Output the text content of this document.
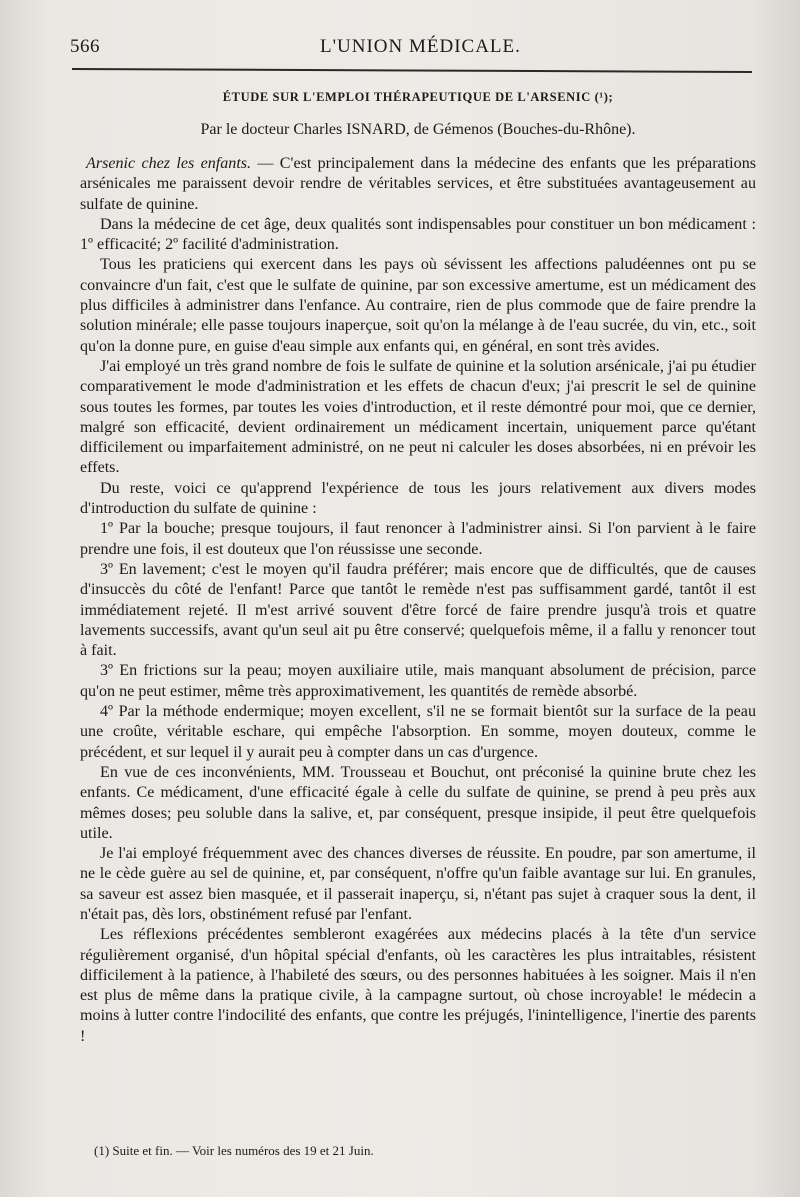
566	L'UNION MÉDICALE.
ÉTUDE SUR L'EMPLOI THÉRAPEUTIQUE DE L'ARSENIC (¹);
Par le docteur Charles ISNARD, de Gémenos (Bouches-du-Rhône).

Arsenic chez les enfants. — C'est principalement dans la médecine des enfants que les préparations arsénicales me paraissent devoir rendre de véritables services, et être substituées avantageusement au sulfate de quinine.

Dans la médecine de cet âge, deux qualités sont indispensables pour constituer un bon médicament : 1º efficacité; 2º facilité d'administration.

Tous les praticiens qui exercent dans les pays où sévissent les affections paludéennes ont pu se convaincre d'un fait, c'est que le sulfate de quinine, par son excessive amertume, est un médicament des plus difficiles à administrer dans l'enfance. Au contraire, rien de plus commode que de faire prendre la solution minérale; elle passe toujours inaperçue, soit qu'on la mélange à de l'eau sucrée, du vin, etc., soit qu'on la donne pure, en guise d'eau simple aux enfants qui, en général, en sont très avides.

J'ai employé un très grand nombre de fois le sulfate de quinine et la solution arsénicale, j'ai pu étudier comparativement le mode d'administration et les effets de chacun d'eux; j'ai prescrit le sel de quinine sous toutes les formes, par toutes les voies d'introduction, et il reste démontré pour moi, que ce dernier, malgré son efficacité, devient ordinairement un médicament incertain, uniquement parce qu'étant difficilement ou imparfaitement administré, on ne peut ni calculer les doses absorbées, ni en prévoir les effets.

Du reste, voici ce qu'apprend l'expérience de tous les jours relativement aux divers modes d'introduction du sulfate de quinine :

1º Par la bouche; presque toujours, il faut renoncer à l'administrer ainsi. Si l'on parvient à le faire prendre une fois, il est douteux que l'on réussisse une seconde.

3º En lavement; c'est le moyen qu'il faudra préférer; mais encore que de difficultés, que de causes d'insuccès du côté de l'enfant! Parce que tantôt le remède n'est pas suffisamment gardé, tantôt il est immédiatement rejeté. Il m'est arrivé souvent d'être forcé de faire prendre jusqu'à trois et quatre lavements successifs, avant qu'un seul ait pu être conservé; quelquefois même, il a fallu y renoncer tout à fait.

3º En frictions sur la peau; moyen auxiliaire utile, mais manquant absolument de précision, parce qu'on ne peut estimer, même très approximativement, les quantités de remède absorbé.

4º Par la méthode endermique; moyen excellent, s'il ne se formait bientôt sur la surface de la peau une croûte, véritable eschare, qui empêche l'absorption. En somme, moyen douteux, comme le précédent, et sur lequel il y aurait peu à compter dans un cas d'urgence.

En vue de ces inconvénients, MM. Trousseau et Bouchut, ont préconisé la quinine brute chez les enfants. Ce médicament, d'une efficacité égale à celle du sulfate de quinine, se prend à peu près aux mêmes doses; peu soluble dans la salive, et, par conséquent, presque insipide, il peut être quelquefois utile.

Je l'ai employé fréquemment avec des chances diverses de réussite. En poudre, par son amertume, il ne le cède guère au sel de quinine, et, par conséquent, n'offre qu'un faible avantage sur lui. En granules, sa saveur est assez bien masquée, et il passerait inaperçu, si, n'étant pas sujet à craquer sous la dent, il n'était pas, dès lors, obstinément refusé par l'enfant.

Les réflexions précédentes sembleront exagérées aux médecins placés à la tête d'un service régulièrement organisé, d'un hôpital spécial d'enfants, où les caractères les plus intraitables, résistent difficilement à la patience, à l'habileté des sœurs, ou des personnes habituées à les soigner. Mais il n'en est plus de même dans la pratique civile, à la campagne surtout, où chose incroyable! le médecin a moins à lutter contre l'indocilité des enfants, que contre les préjugés, l'inintelligence, l'inertie des parents !

(1) Suite et fin. — Voir les numéros des 19 et 21 Juin.
